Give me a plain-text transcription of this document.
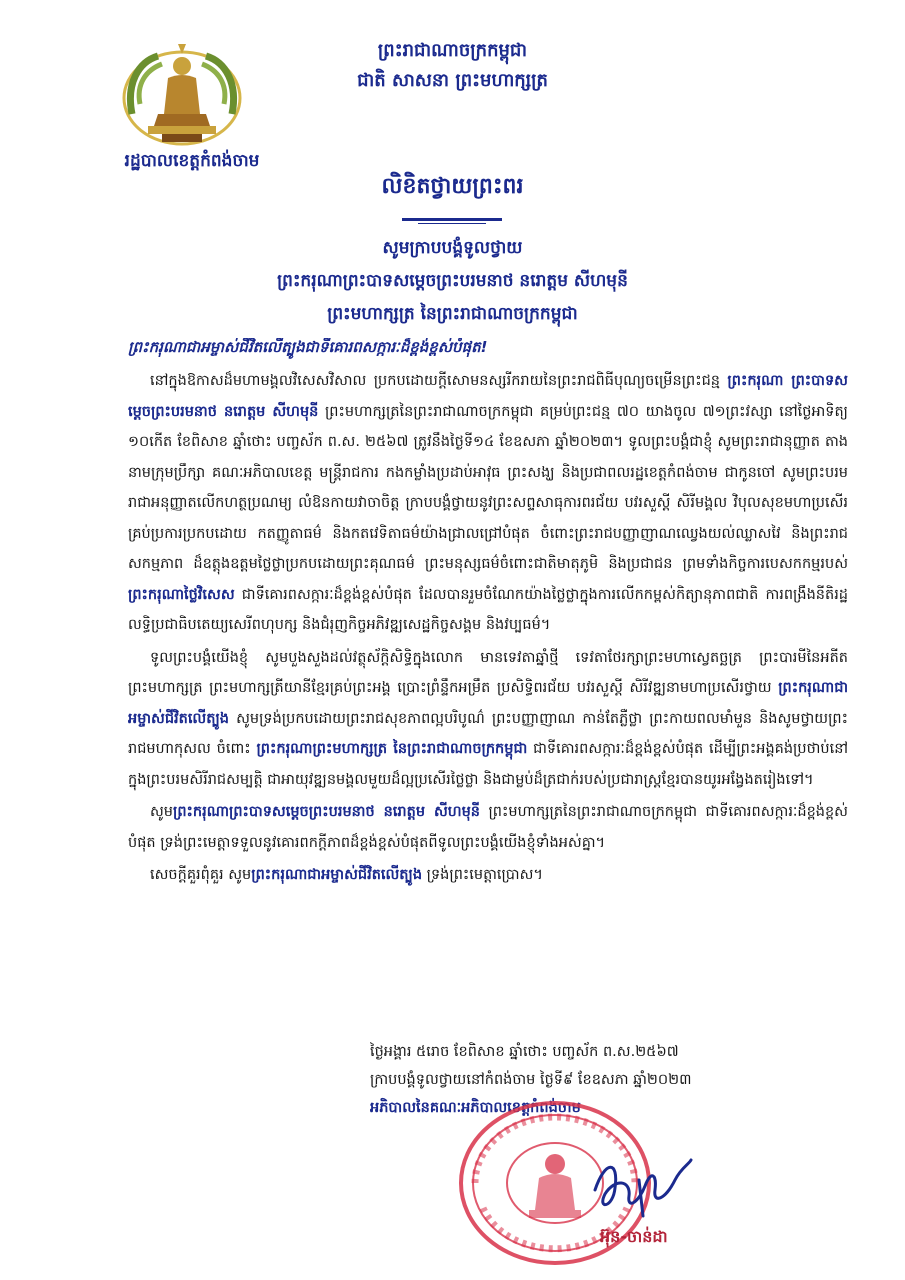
រដ្ឋបាលខេត្តកំពង់ចាម
ព្រះរាជាណាចក្រកម្ពុជា
ជាតិ សាសនា ព្រះមហាក្សត្រ
លិខិតថ្វាយព្រះពរ
សូមក្រាបបង្គំទូលថ្វាយ
ព្រះករុណាព្រះបាទសម្តេចព្រះបរមនាថ នរោត្តម សីហមុនី
ព្រះមហាក្សត្រ នៃព្រះរាជាណាចក្រកម្ពុជា
ព្រះករុណាជាអម្ចាស់ជីវិតលើត្បូងជាទីគោរពសក្ការៈដ៏ខ្ពង់ខ្ពស់បំផុត!

នៅក្នុងឱកាសដ៏មហាមង្គលវិសេសវិសាល ប្រកបដោយក្តីសោមនស្សរីករាយនៃព្រះរាជពិធីបុណ្យចម្រើនព្រះជន្ម ព្រះករុណា ព្រះបាទសម្តេចព្រះបរមនាថ នរោត្តម សីហមុនី ព្រះមហាក្សត្រនៃព្រះរាជាណាចក្រកម្ពុជា គម្រប់ព្រះជន្ម ៧០ យាងចូល ៧១ព្រះវស្សា នៅថ្ងៃអាទិត្យ ១០កើត ខែពិសាខ ឆ្នាំថោះ បញ្ចស័ក ព.ស. ២៥៦៧ ត្រូវនឹងថ្ងៃទី១៤ ខែឧសភា ឆ្នាំ២០២៣។ ទូលព្រះបង្គំជាខ្ញុំ សូមព្រះរាជានុញ្ញាត តាងនាមក្រុមប្រឹក្សា គណៈអភិបាលខេត្ត មន្ត្រីរាជការ កងកម្លាំងប្រដាប់អាវុធ ព្រះសង្ឃ និងប្រជាពលរដ្ឋខេត្តកំពង់ចាម ជាកូនចៅ សូមព្រះបរមរាជាអនុញ្ញាតលើកហត្ថប្រណម្យ លំឱនកាយវាចាចិត្ត ក្រាបបង្គំថ្វាយនូវព្រះសព្ទសាធុការពរជ័យ បវរសួស្តី សិរីមង្គល វិបុលសុខមហាប្រសើរគ្រប់ប្រការប្រកបដោយ កតញ្ញូតាធម៌ និងកតវេទិតាធម៌យ៉ាងជ្រាលជ្រៅបំផុត ចំពោះព្រះរាជបញ្ញាញាណឈ្វេងយល់ឈ្លាសវៃ និងព្រះរាជសកម្មភាព ដ៏ឧត្តុងឧត្តមថ្លៃថ្លាប្រកបដោយព្រះគុណធម៌ ព្រះមនុស្សធម៌ចំពោះជាតិមាតុភូមិ និងប្រជាជន ព្រមទាំងកិច្ចការបេសកកម្មរបស់ ព្រះករុណាថ្លៃវិសេស ជាទីគោរពសក្ការៈដ៏ខ្ពង់ខ្ពស់បំផុត ដែលបានរួមចំណែកយ៉ាងថ្លៃថ្លាក្នុងការលើកកម្ពស់កិត្យានុភាពជាតិ ការពង្រឹងនីតិរដ្ឋ លទ្ធិប្រជាធិបតេយ្យសេរីពហុបក្ស និងជំរុញកិច្ចអភិវឌ្ឍសេដ្ឋកិច្ចសង្គម និងវប្បធម៌។

ទូលព្រះបង្គំយើងខ្ញុំ សូមបួងសួងដល់វត្ថុស័ក្តិសិទ្ធិក្នុងលោក មានទេវតាឆ្នាំថ្មី ទេវតាថែរក្សាព្រះមហាស្វេតច្ឆត្រ ព្រះបារមីនៃអតីតព្រះមហាក្សត្រ ព្រះមហាក្សត្រីយានីខ្មែរគ្រប់ព្រះអង្គ ប្រោះព្រំន្ទឹកអម្រឹត ប្រសិទ្ធិពរជ័យ បវរសួស្តី សិរីវឌ្ឍនាមហាប្រសើរថ្វាយ ព្រះករុណាជាអម្ចាស់ជីវិតលើត្បូង សូមទ្រង់ប្រកបដោយព្រះរាជសុខភាពល្អបរិបូណ៌ ព្រះបញ្ញាញាណ កាន់តែភ្លឺថ្លា ព្រះកាយពលមាំមួន និងសូមថ្វាយព្រះរាជមហាកុសល ចំពោះ ព្រះករុណាព្រះមហាក្សត្រ នៃព្រះរាជាណាចក្រកម្ពុជា ជាទីគោរពសក្ការៈដ៏ខ្ពង់ខ្ពស់បំផុត ដើម្បីព្រះអង្គគង់ប្រថាប់នៅក្នុងព្រះបរមសិរីរាជសម្បត្តិ ជាអាយុវឌ្ឍនមង្គលមួយដ៏ល្អប្រសើរថ្លៃថ្លា និងជាម្លប់ដ៏ត្រជាក់របស់ប្រជារាស្ត្រខ្មែរបានយូរអង្វែងតរៀងទៅ។

សូមព្រះករុណាព្រះបាទសម្តេចព្រះបរមនាថ នរោត្តម សីហមុនី ព្រះមហាក្សត្រនៃព្រះរាជាណាចក្រកម្ពុជា ជាទីគោរពសក្ការៈដ៏ខ្ពង់ខ្ពស់បំផុត ទ្រង់ព្រះមេត្តាទទួលនូវគោរពកក្តីភាពដ៏ខ្ពង់ខ្ពស់បំផុតពីទូលព្រះបង្គំយើងខ្ញុំទាំងអស់គ្នា។

សេចក្តីគួរពុំគួរ សូមព្រះករុណាជាអម្ចាស់ជីវិតលើត្បូង ទ្រង់ព្រះមេត្តាប្រោស។

ថ្ងៃអង្គារ ៥រោច ខែពិសាខ ឆ្នាំថោះ បញ្ចស័ក ព.ស.២៥៦៧
ក្រាបបង្គំទូលថ្វាយនៅកំពង់ចាម ថ្ងៃទី៩ ខែឧសភា ឆ្នាំ២០២៣
អភិបាលនៃគណៈអភិបាលខេត្តកំពង់ចាម
អ៊ុន-ចាន់ដា
